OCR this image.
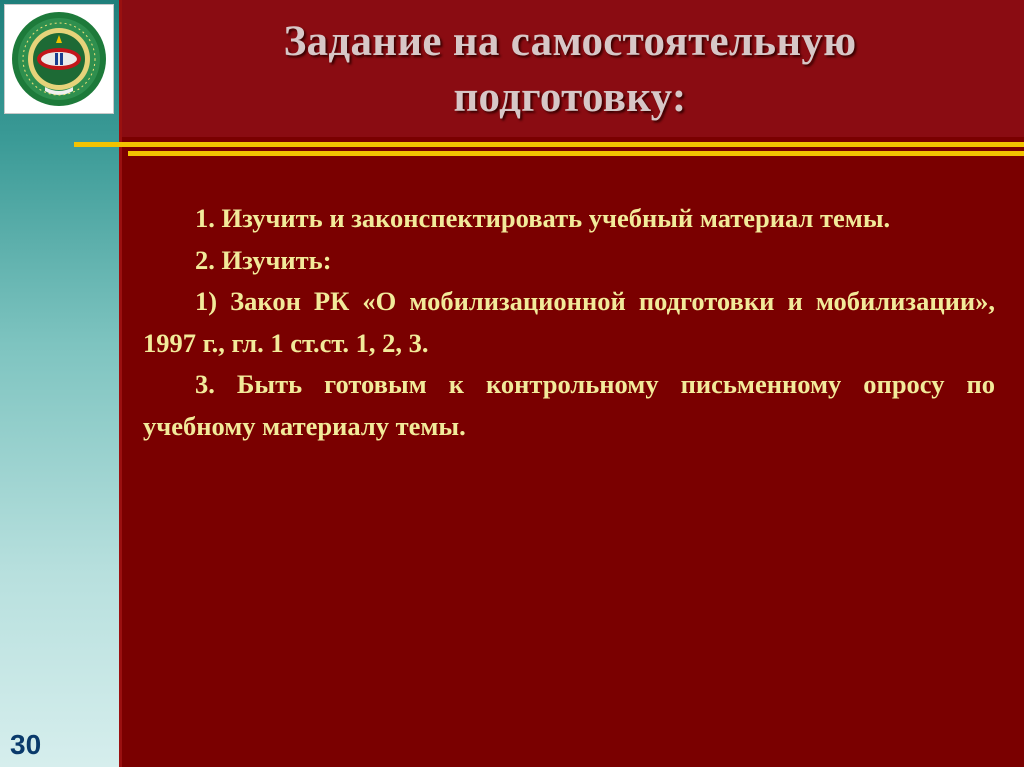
Задание на самостоятельную подготовку:

1. Изучить и законспектировать учебный материал темы.

2. Изучить:

1) Закон РК «О мобилизационной подготовки и мобилизации», 1997 г., гл. 1 ст.ст. 1, 2, 3.

3. Быть готовым к контрольному письменному опросу по учебному материалу темы.

30
